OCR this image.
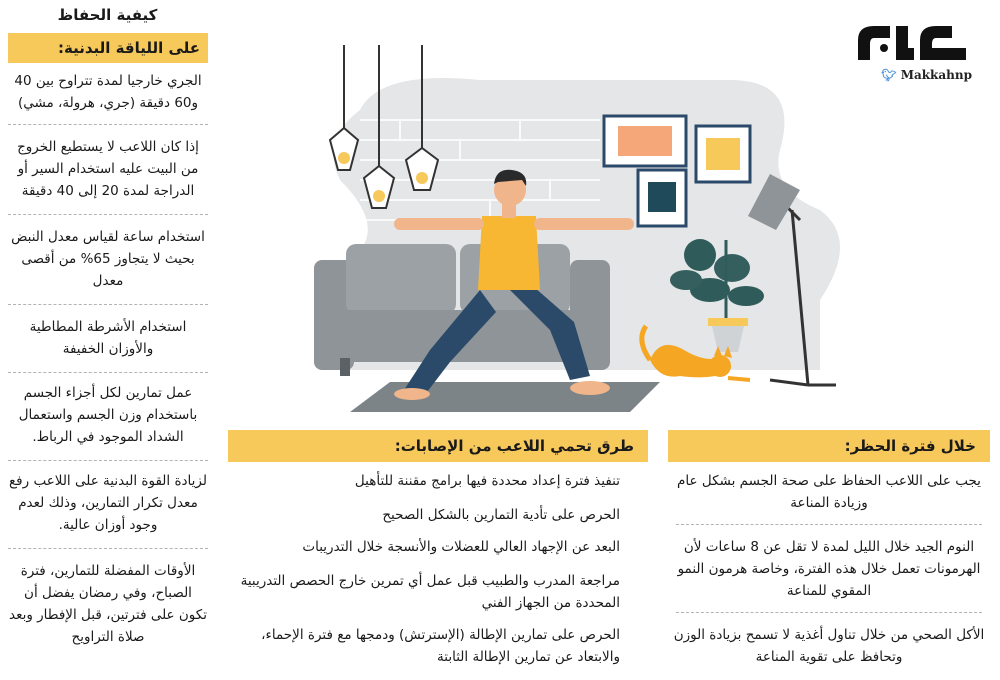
كيفية الحفاظ
على اللياقة البدنية:
الجري خارجيا لمدة تتراوح بين 40 و60 دقيقة (جري، هرولة، مشي)
إذا كان اللاعب لا يستطيع الخروج من البيت عليه استخدام السير أو الدراجة لمدة 20 إلى 40 دقيقة
استخدام ساعة لقياس معدل النبض بحيث لا يتجاوز 65% من أقصى معدل
استخدام الأشرطة المطاطية والأوزان الخفيفة
عمل تمارين لكل أجزاء الجسم باستخدام وزن الجسم واستعمال الشداد الموجود في الرباط.
لزيادة القوة البدنية على اللاعب رفع معدل تكرار التمارين، وذلك لعدم وجود أوزان عالية.
الأوقات المفضلة للتمارين، فترة الصباح، وفي رمضان يفضل أن تكون على فترتين، قبل الإفطار وبعد صلاة التراويح
🐦︎ Makkahnp
طرق تحمي اللاعب من الإصابات:
تنفيذ فترة إعداد محددة فيها برامج مقننة للتأهيل
الحرص على تأدية التمارين بالشكل الصحيح
البعد عن الإجهاد العالي للعضلات والأنسجة خلال التدريبات
مراجعة المدرب والطبيب قبل عمل أي تمرين خارج الحصص التدريبية المحددة من الجهاز الفني
الحرص على تمارين الإطالة (الإسترتش) ودمجها مع فترة الإحماء، والابتعاد عن تمارين الإطالة الثابتة
خلال فترة الحظر:
يجب على اللاعب الحفاظ على صحة الجسم بشكل عام وزيادة المناعة
النوم الجيد خلال الليل لمدة لا تقل عن 8 ساعات لأن الهرمونات تعمل خلال هذه الفترة، وخاصة هرمون النمو المقوي للمناعة
الأكل الصحي من خلال تناول أغذية لا تسمح بزيادة الوزن وتحافظ على تقوية المناعة
